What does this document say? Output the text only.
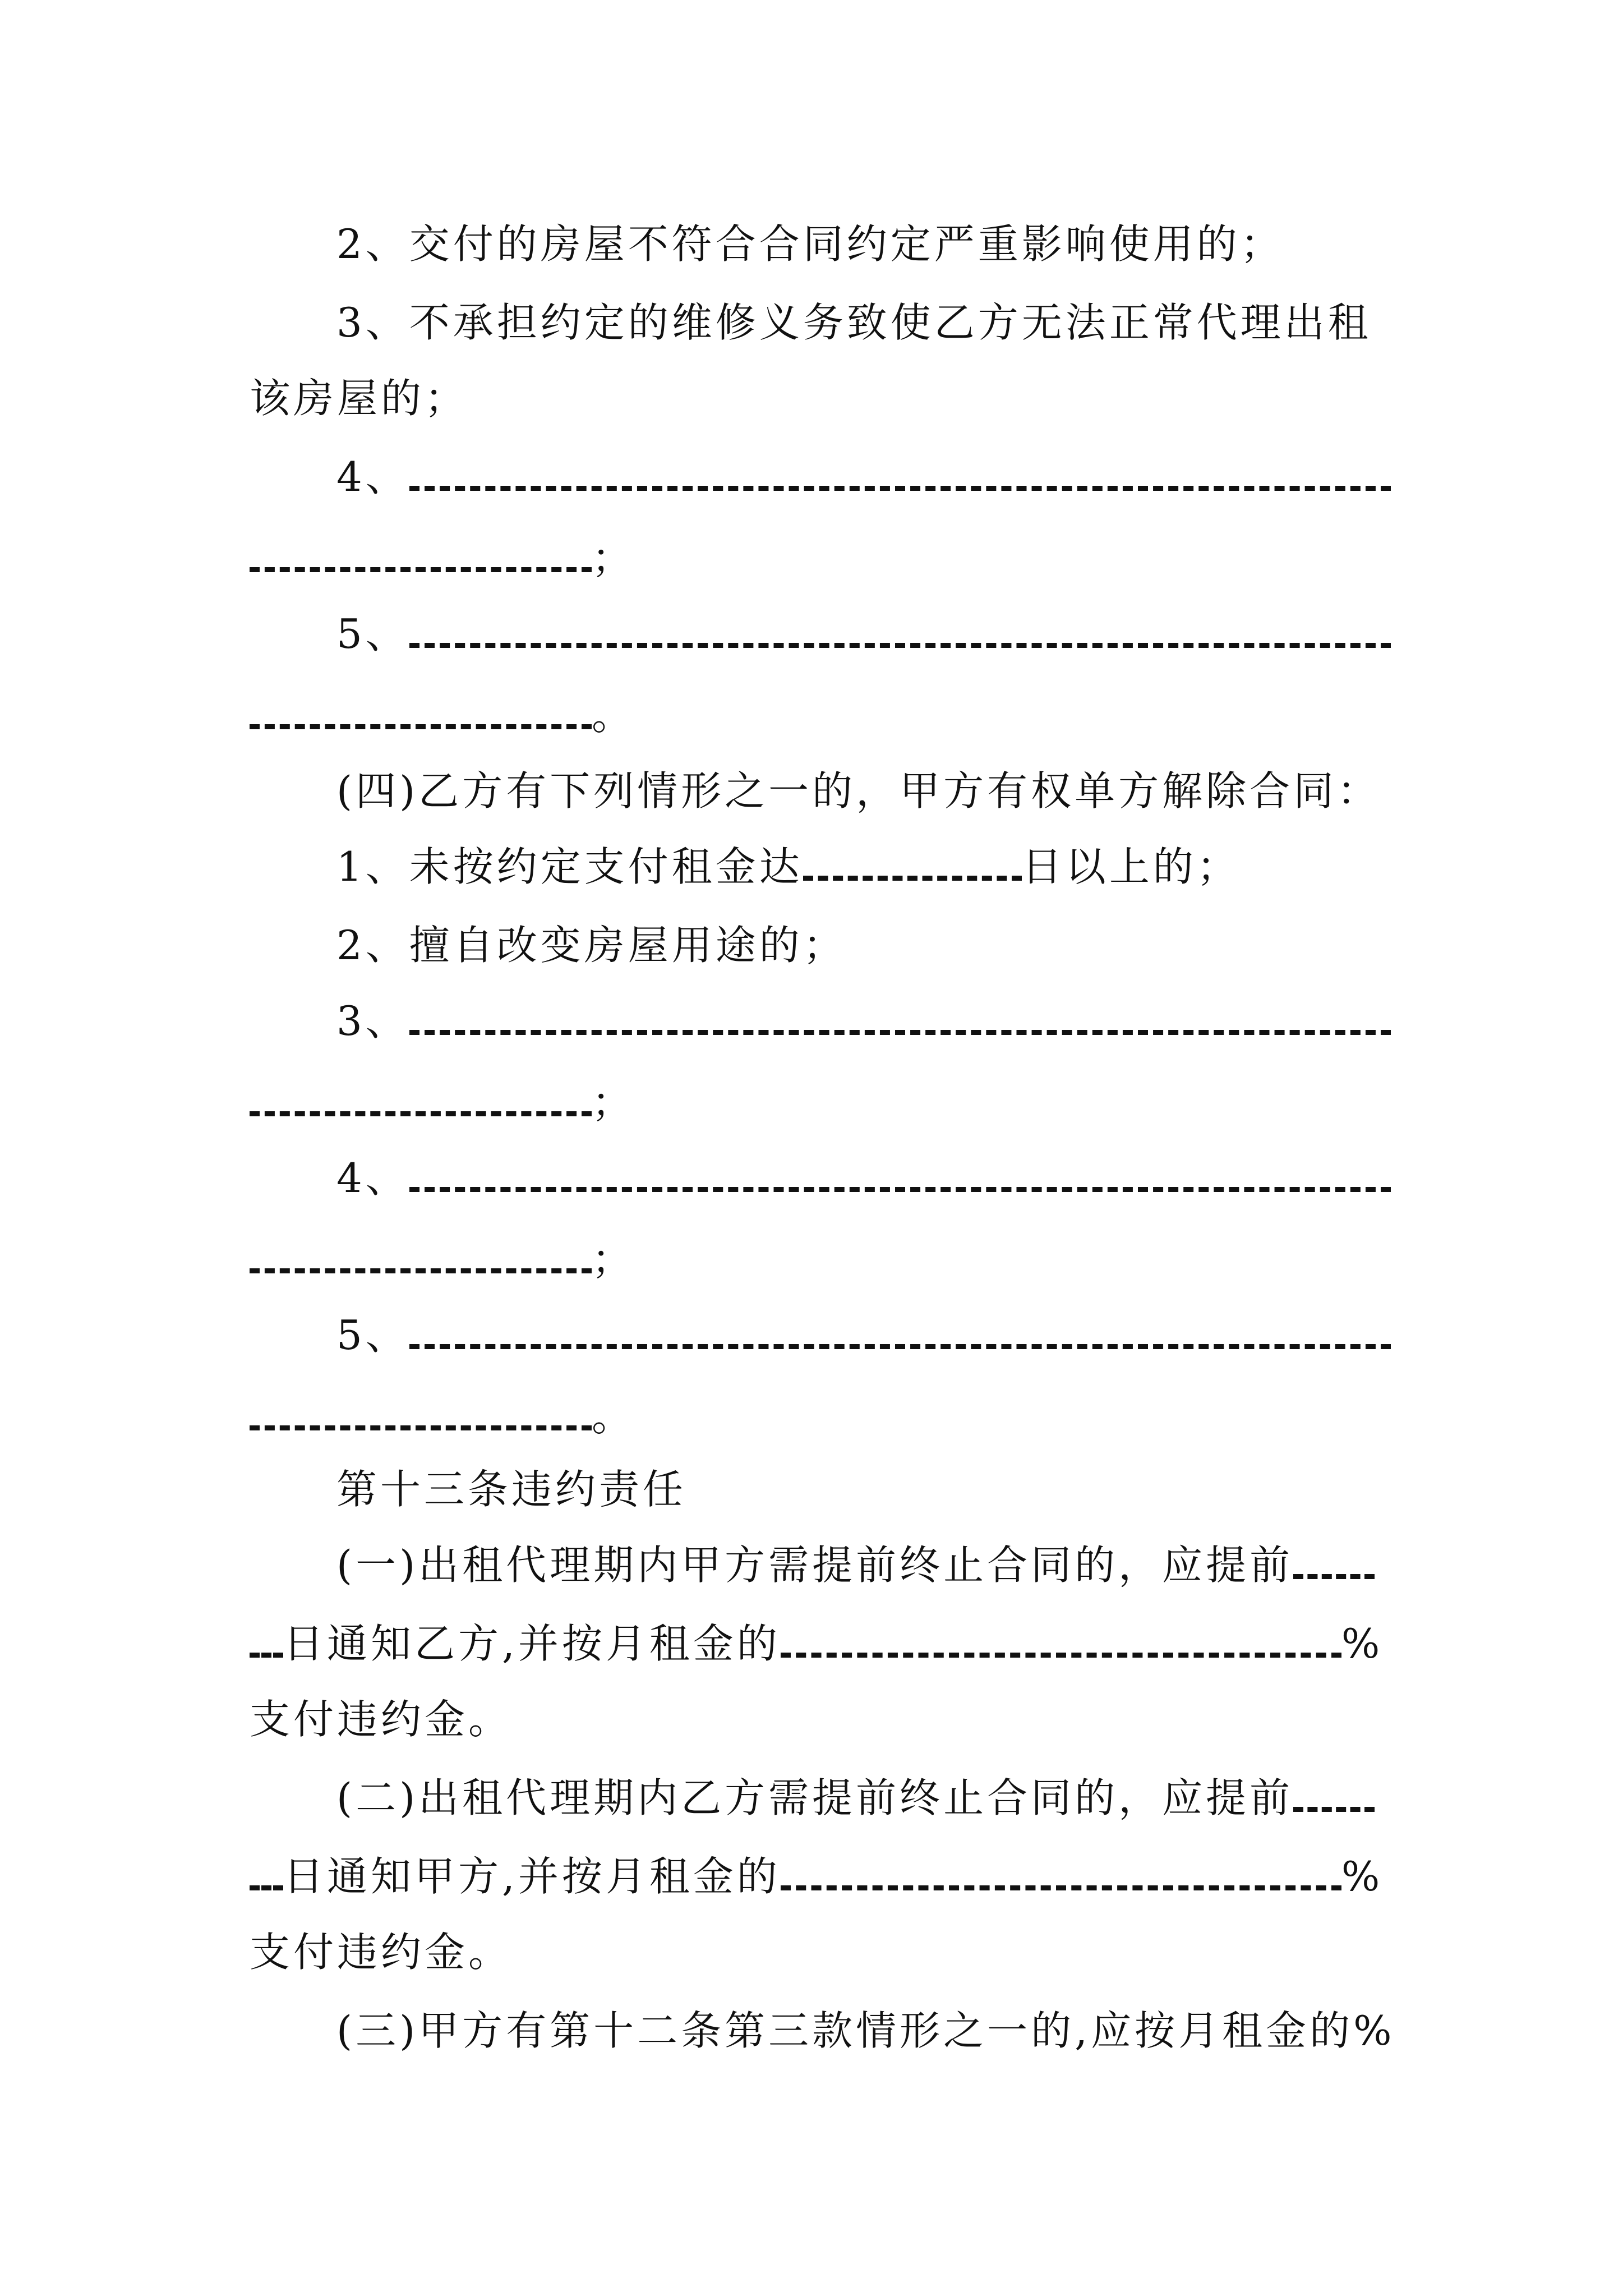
2、交付的房屋不符合合同约定严重影响使用的；
3、不承担约定的维修义务致使乙方无法正常代理出租
该房屋的；
4、
；
5、
。
(四)乙方有下列情形之一的，甲方有权单方解除合同：
1、未按约定支付租金达	日以上的；
2、擅自改变房屋用途的；
3、
；
4、
；
5、
。
第十三条违约责任
(一)出租代理期内甲方需提前终止合同的，应提前
日通知乙方,并按月租金的	%
支付违约金。
(二)出租代理期内乙方需提前终止合同的，应提前
日通知甲方,并按月租金的	%
支付违约金。
(三)甲方有第十二条第三款情形之一的,应按月租金的%
